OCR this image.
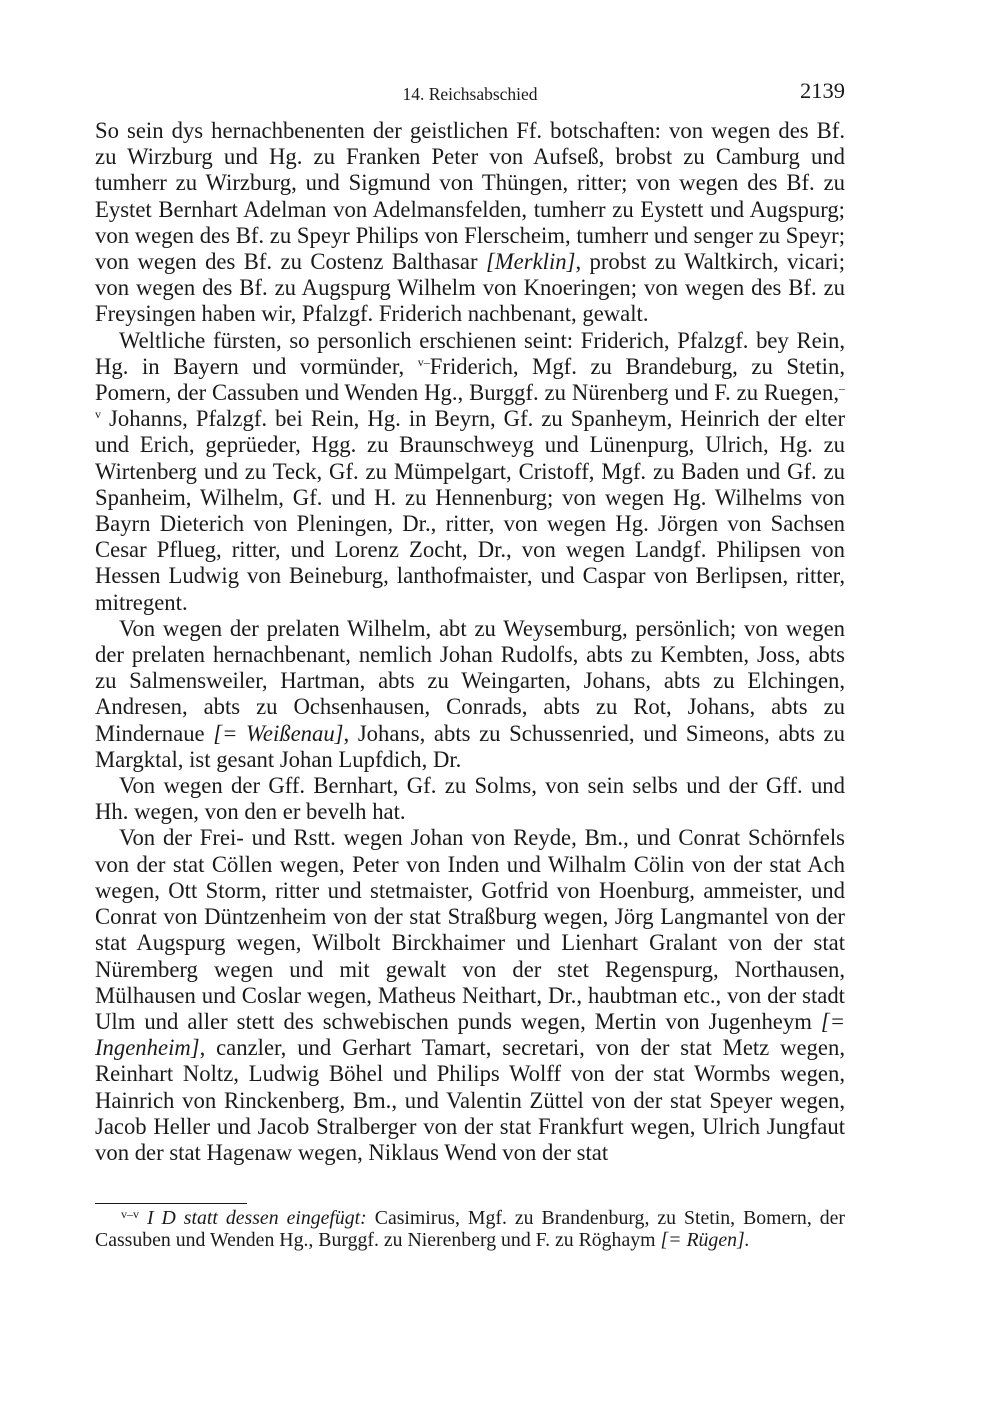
14. Reichsabschied	2139

So sein dys hernachbenenten der geistlichen Ff. botschaften: von wegen des Bf. zu Wirzburg und Hg. zu Franken Peter von Aufseß, brobst zu Camburg und tumherr zu Wirzburg, und Sigmund von Thüngen, ritter; von wegen des Bf. zu Eystet Bernhart Adelman von Adelmansfelden, tumherr zu Eystett und Augspurg; von wegen des Bf. zu Speyr Philips von Flerscheim, tumherr und senger zu Speyr; von wegen des Bf. zu Costenz Balthasar [Merklin], probst zu Waltkirch, vicari; von wegen des Bf. zu Augspurg Wilhelm von Knoeringen; von wegen des Bf. zu Freysingen haben wir, Pfalzgf. Friderich nachbenant, gewalt.

Weltliche fürsten, so personlich erschienen seint: Friderich, Pfalzgf. bey Rein, Hg. in Bayern und vormünder, $^{v-}$Friderich, Mgf. zu Brandeburg, zu Stetin, Pomern, der Cassuben und Wenden Hg., Burggf. zu Nürenberg und F. zu Ruegen,$^{-v}$ Johanns, Pfalzgf. bei Rein, Hg. in Beyrn, Gf. zu Spanheym, Heinrich der elter und Erich, geprüeder, Hgg. zu Braunschweyg und Lünenpurg, Ulrich, Hg. zu Wirtenberg und zu Teck, Gf. zu Mümpelgart, Cristoff, Mgf. zu Baden und Gf. zu Spanheim, Wilhelm, Gf. und H. zu Hennenburg; von wegen Hg. Wilhelms von Bayrn Dieterich von Pleningen, Dr., ritter, von wegen Hg. Jörgen von Sachsen Cesar Pflueg, ritter, und Lorenz Zocht, Dr., von wegen Landgf. Philipsen von Hessen Ludwig von Beineburg, lanthofmaister, und Caspar von Berlipsen, ritter, mitregent.

Von wegen der prelaten Wilhelm, abt zu Weysemburg, persönlich; von wegen der prelaten hernachbenant, nemlich Johan Rudolfs, abts zu Kembten, Joss, abts zu Salmensweiler, Hartman, abts zu Weingarten, Johans, abts zu Elchingen, Andresen, abts zu Ochsenhausen, Conrads, abts zu Rot, Johans, abts zu Mindernaue [= Weißenau], Johans, abts zu Schussenried, und Simeons, abts zu Margktal, ist gesant Johan Lupfdich, Dr.

Von wegen der Gff. Bernhart, Gf. zu Solms, von sein selbs und der Gff. und Hh. wegen, von den er bevelh hat.

Von der Frei- und Rstt. wegen Johan von Reyde, Bm., und Conrat Schörnfels von der stat Cöllen wegen, Peter von Inden und Wilhalm Cölin von der stat Ach wegen, Ott Storm, ritter und stetmaister, Gotfrid von Hoenburg, ammeister, und Conrat von Düntzenheim von der stat Straßburg wegen, Jörg Langmantel von der stat Augspurg wegen, Wilbolt Birckhaimer und Lienhart Gralant von der stat Nüremberg wegen und mit gewalt von der stet Regenspurg, Northausen, Mülhausen und Coslar wegen, Matheus Neithart, Dr., haubtman etc., von der stadt Ulm und aller stett des schwebischen punds wegen, Mertin von Jugenheym [= Ingenheim], canzler, und Gerhart Tamart, secretari, von der stat Metz wegen, Reinhart Noltz, Ludwig Böhel und Philips Wolff von der stat Wormbs wegen, Hainrich von Rinckenberg, Bm., und Valentin Züttel von der stat Speyer wegen, Jacob Heller und Jacob Stralberger von der stat Frankfurt wegen, Ulrich Jungfaut von der stat Hagenaw wegen, Niklaus Wend von der stat

$^{v-v}$ I D statt dessen eingefügt: Casimirus, Mgf. zu Brandenburg, zu Stetin, Bomern, der Cassuben und Wenden Hg., Burggf. zu Nierenberg und F. zu Röghaym [= Rügen].
